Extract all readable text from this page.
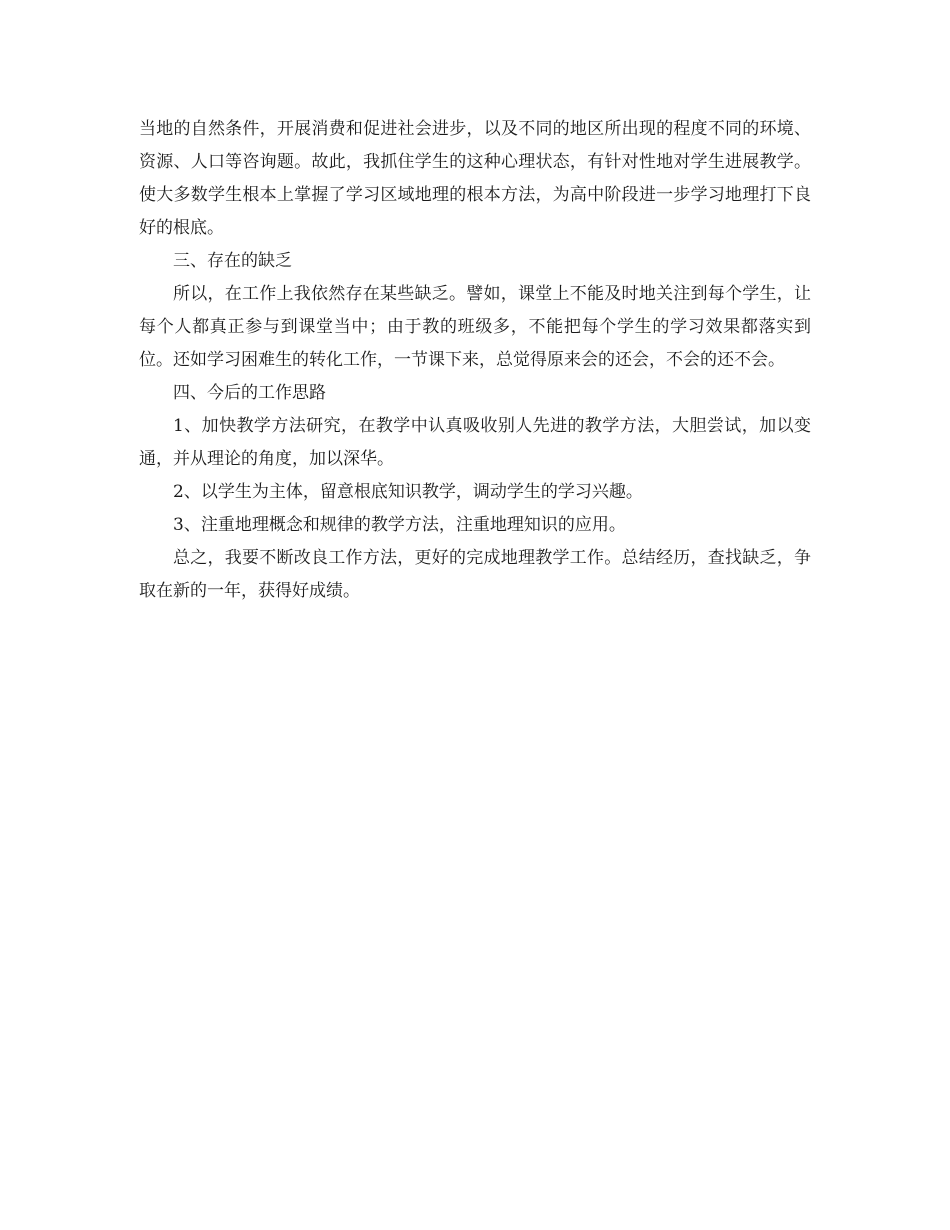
当地的自然条件，开展消费和促进社会进步，以及不同的地区所出现的程度不同的环境、资源、人口等咨询题。故此，我抓住学生的这种心理状态，有针对性地对学生进展教学。使大多数学生根本上掌握了学习区域地理的根本方法，为高中阶段进一步学习地理打下良好的根底。

三、存在的缺乏

所以，在工作上我依然存在某些缺乏。譬如，课堂上不能及时地关注到每个学生，让每个人都真正参与到课堂当中；由于教的班级多，不能把每个学生的学习效果都落实到位。还如学习困难生的转化工作，一节课下来，总觉得原来会的还会，不会的还不会。

四、今后的工作思路

1、加快教学方法研究，在教学中认真吸收别人先进的教学方法，大胆尝试，加以变通，并从理论的角度，加以深华。

2、以学生为主体，留意根底知识教学，调动学生的学习兴趣。

3、注重地理概念和规律的教学方法，注重地理知识的应用。

总之，我要不断改良工作方法，更好的完成地理教学工作。总结经历，查找缺乏，争取在新的一年，获得好成绩。
